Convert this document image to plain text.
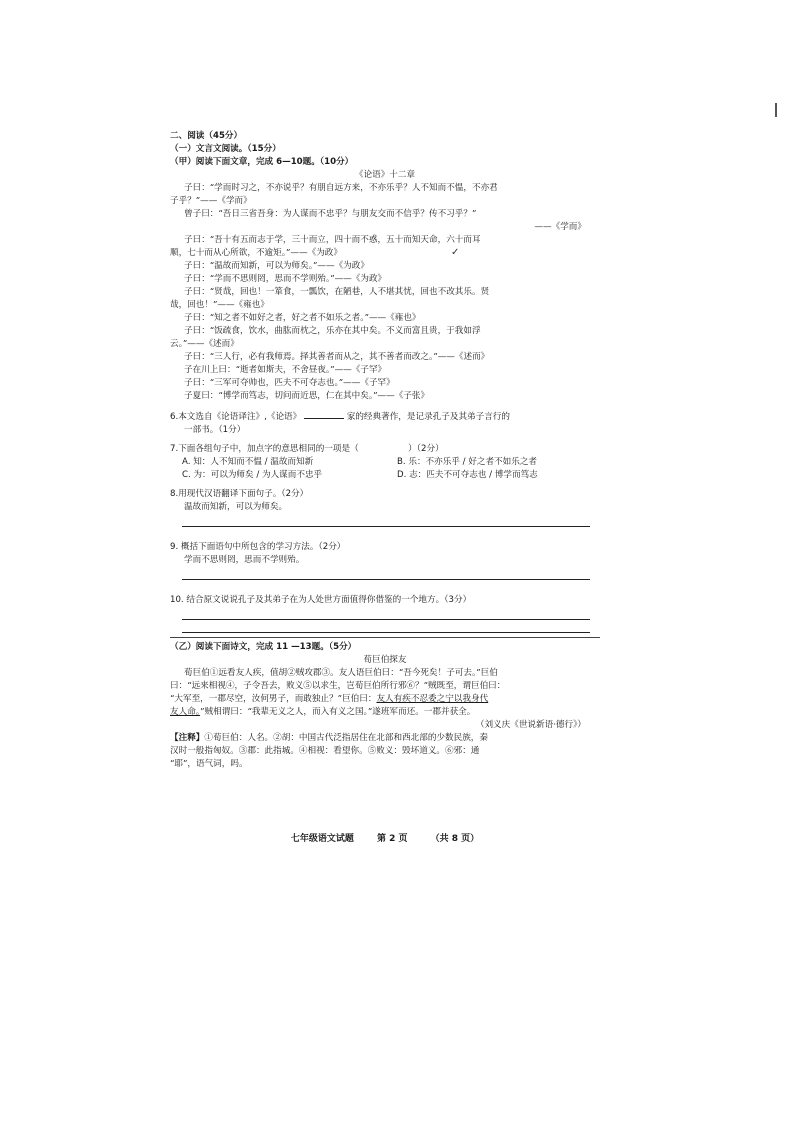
二、阅读（45分）
（一）文言文阅读。（15分）
（甲）阅读下面文章，完成 6—10题。（10分）
《论语》十二章
子曰：“学而时习之，不亦说乎？有朋自远方来，不亦乐乎？人不知而不愠，不亦君
子乎？”——《学而》
曾子曰：“吾日三省吾身：为人谋而不忠乎？与朋友交而不信乎？传不习乎？”
——《学而》
子曰：“吾十有五而志于学，三十而立，四十而不惑，五十而知天命，六十而耳
顺，七十而从心所欲，不逾矩。”——《为政》
子曰：“温故而知新，可以为师矣。”——《为政》
子曰：“学而不思则罔，思而不学则殆。”——《为政》
子曰：“贤哉，回也！一箪食，一瓢饮，在陋巷，人不堪其忧，回也不改其乐。贤
哉，回也！”——《雍也》
子曰：“知之者不如好之者，好之者不如乐之者。”——《雍也》
子曰：“饭疏食，饮水，曲肱而枕之，乐亦在其中矣。不义而富且贵，于我如浮
云。”——《述而》
子曰：“三人行，必有我师焉。择其善者而从之，其不善者而改之。”——《述而》
子在川上曰：“逝者如斯夫，不舍昼夜。”——《子罕》
子曰：“三军可夺帅也，匹夫不可夺志也。”——《子罕》
子夏曰：“博学而笃志，切问而近思，仁在其中矣。”——《子张》
6.本文选自《论语译注》,《论语》	家的经典著作，是记录孔子及其弟子言行的
一部书。（1分）
7.下面各组句子中，加点字的意思相同的一项是（	）（2分）
A. 知：人不知而不愠 / 温故而知新	B. 乐：不亦乐乎 / 好之者不如乐之者
C. 为：可以为师矣 / 为人谋而不忠乎	D. 志：匹夫不可夺志也 / 博学而笃志
8.用现代汉语翻译下面句子。（2分）
温故而知新，可以为师矣。
9. 概括下面语句中所包含的学习方法。（2分）
学而不思则罔，思而不学则殆。
10. 结合原文说说孔子及其弟子在为人处世方面值得你借鉴的一个地方。（3分）
（乙）阅读下面诗文，完成 11 —13题。（5分）
荀巨伯探友
荀巨伯①远看友人疾，值胡②贼攻郡③。友人语巨伯曰：“吾今死矣！子可去。”巨伯
曰：“远来相视④，子令吾去，败义⑤以求生，岂荀巨伯所行邪⑥？”贼既至，谓巨伯曰：
“大军至，一郡尽空，汝何男子，而敢独止？”巨伯曰：友人有疾不忍委之宁以我身代
友人命。”贼相谓曰：“我辈无义之人，而入有义之国。”遂班军而还。一郡并获全。
（刘义庆《世说新语·德行》）
【注释】①荀巨伯：人名。②胡：中国古代泛指居住在北部和西北部的少数民族，秦
汉时一般指匈奴。③郡：此指城。④相视：看望你。⑤败义：毁坏道义。⑥邪：通
“耶”，语气词，吗。
✓
七年级语文试题	第 2 页	（共 8 页）
